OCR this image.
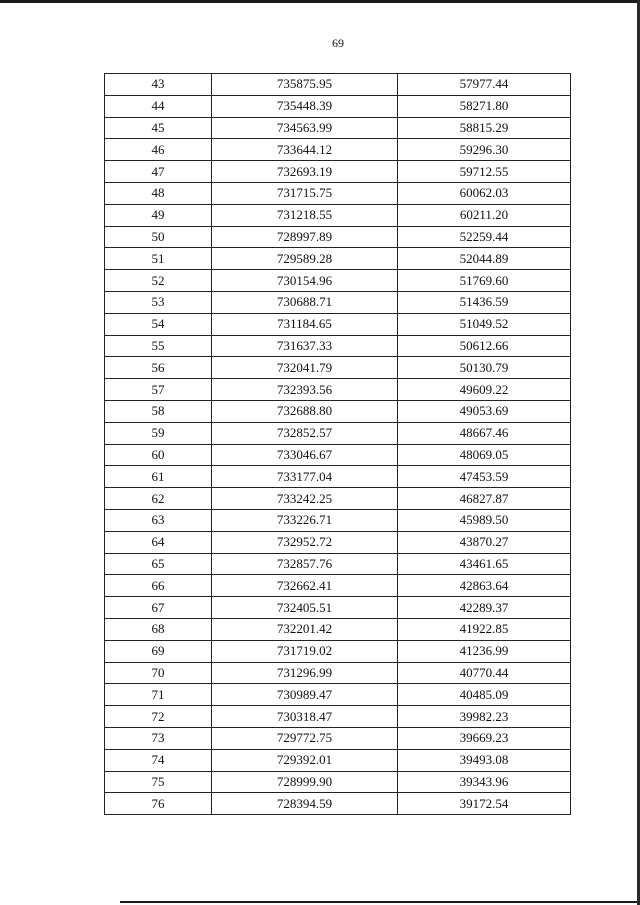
69
43	735875.95	57977.44
44	735448.39	58271.80
45	734563.99	58815.29
46	733644.12	59296.30
47	732693.19	59712.55
48	731715.75	60062.03
49	731218.55	60211.20
50	728997.89	52259.44
51	729589.28	52044.89
52	730154.96	51769.60
53	730688.71	51436.59
54	731184.65	51049.52
55	731637.33	50612.66
56	732041.79	50130.79
57	732393.56	49609.22
58	732688.80	49053.69
59	732852.57	48667.46
60	733046.67	48069.05
61	733177.04	47453.59
62	733242.25	46827.87
63	733226.71	45989.50
64	732952.72	43870.27
65	732857.76	43461.65
66	732662.41	42863.64
67	732405.51	42289.37
68	732201.42	41922.85
69	731719.02	41236.99
70	731296.99	40770.44
71	730989.47	40485.09
72	730318.47	39982.23
73	729772.75	39669.23
74	729392.01	39493.08
75	728999.90	39343.96
76	728394.59	39172.54
